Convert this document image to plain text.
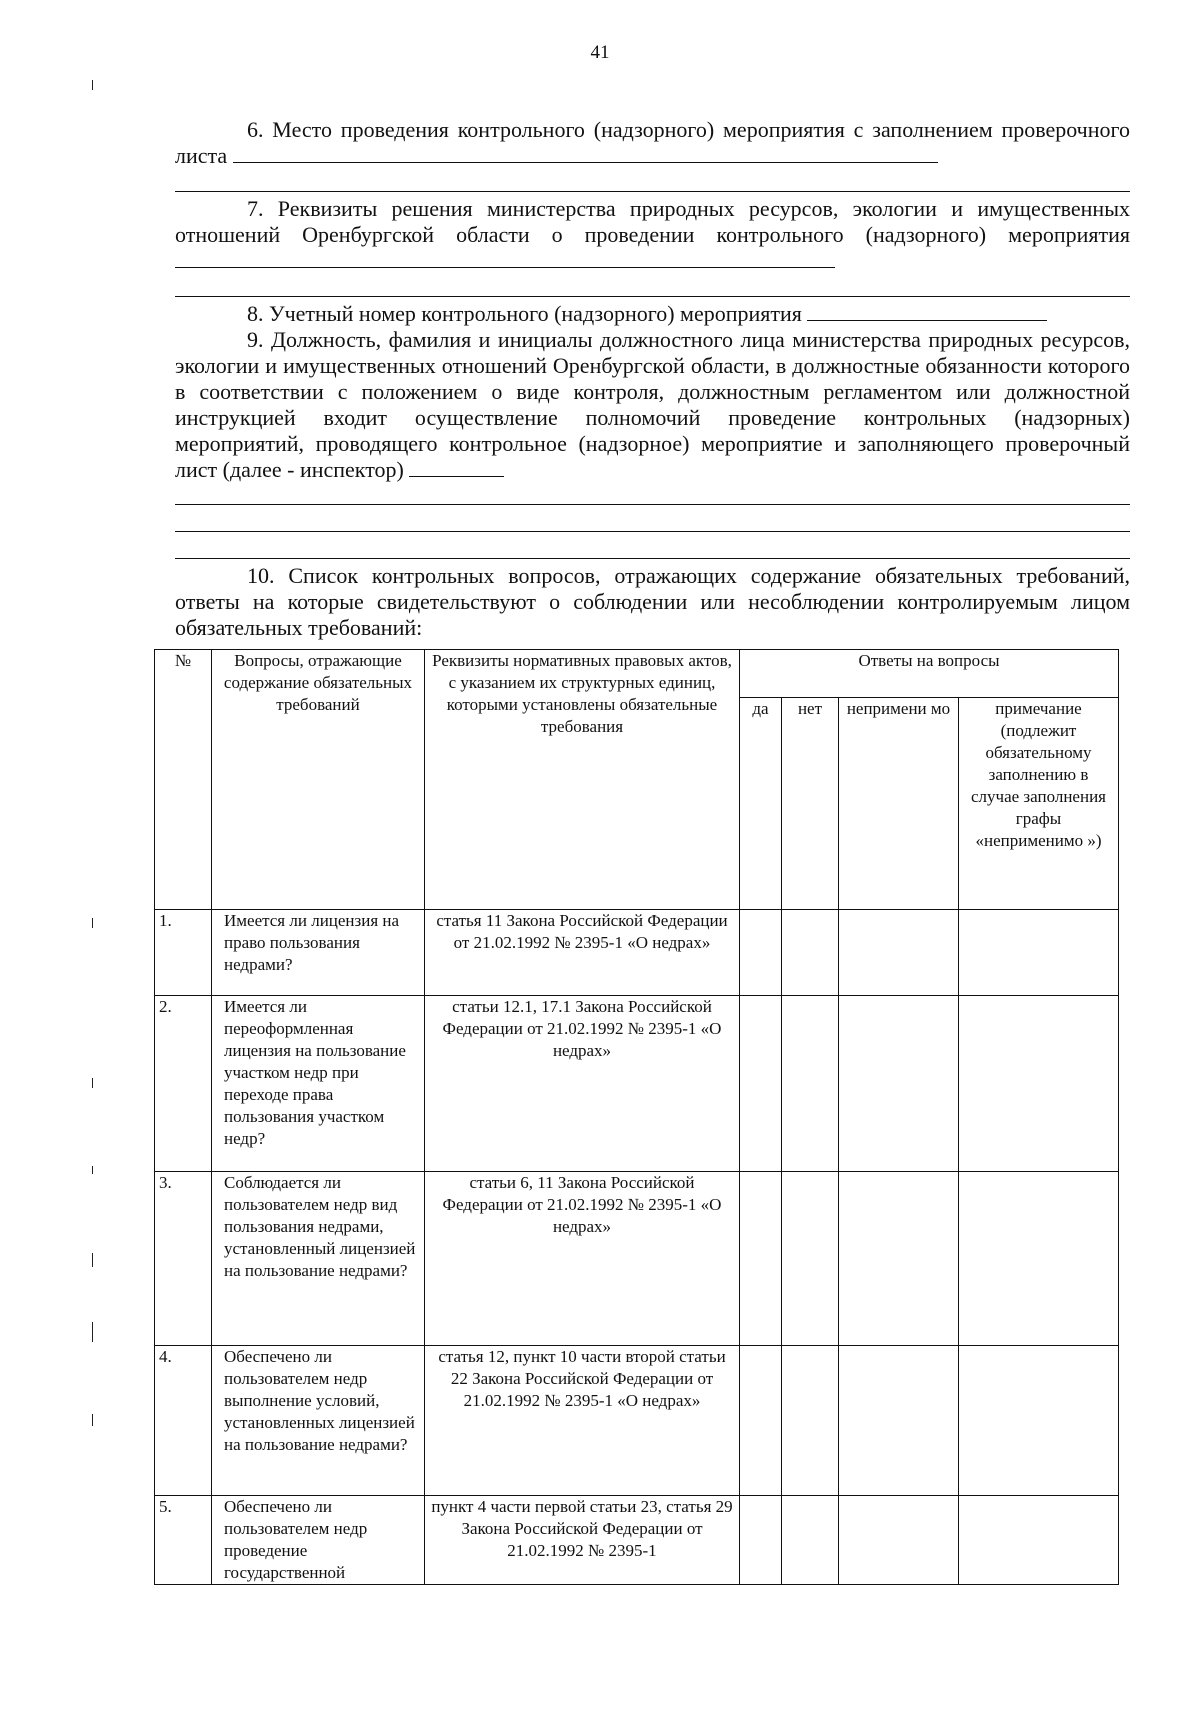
41
6. Место проведения контрольного (надзорного) мероприятия с заполнением проверочного листа
7. Реквизиты решения министерства природных ресурсов, экологии и имущественных отношений Оренбургской области о проведении контрольного (надзорного) мероприятия
8. Учетный номер контрольного (надзорного) мероприятия
9. Должность, фамилия и инициалы должностного лица министерства природных ресурсов, экологии и имущественных отношений Оренбургской области, в должностные обязанности которого в соответствии с положением о виде контроля, должностным регламентом или должностной инструкцией входит осуществление полномочий проведение контрольных (надзорных) мероприятий, проводящего контрольное (надзорное) мероприятие и заполняющего проверочный лист (далее - инспектор)
10. Список контрольных вопросов, отражающих содержание обязательных требований, ответы на которые свидетельствуют о соблюдении или несоблюдении контролируемым лицом обязательных требований:
№	Вопросы, отражающие содержание обязательных требований	Реквизиты нормативных правовых актов, с указанием их структурных единиц, которыми установлены обязательные требования	Ответы на вопросы			
			да	нет	непримени мо	примечание (подлежит обязательному заполнению в случае заполнения графы «неприменимо »)
1.	Имеется ли лицензия на право пользования недрами?	статья 11 Закона Российской Федерации от 21.02.1992 № 2395-1 «О недрах»				
2.	Имеется ли переоформленная лицензия на пользование участком недр при переходе права пользования участком недр?	статьи 12.1, 17.1 Закона Российской Федерации от 21.02.1992 № 2395-1 «О недрах»				
3.	Соблюдается ли пользователем недр вид пользования недрами, установленный лицензией на пользование недрами?	статьи 6, 11 Закона Российской Федерации от 21.02.1992 № 2395-1 «О недрах»				
4.	Обеспечено ли пользователем недр выполнение условий, установленных лицензией на пользование недрами?	статья 12, пункт 10 части второй статьи 22 Закона Российской Федерации от 21.02.1992 № 2395-1 «О недрах»				
5.	Обеспечено ли пользователем недр проведение государственной	пункт 4 части первой статьи 23, статья 29 Закона Российской Федерации от 21.02.1992 № 2395-1				
